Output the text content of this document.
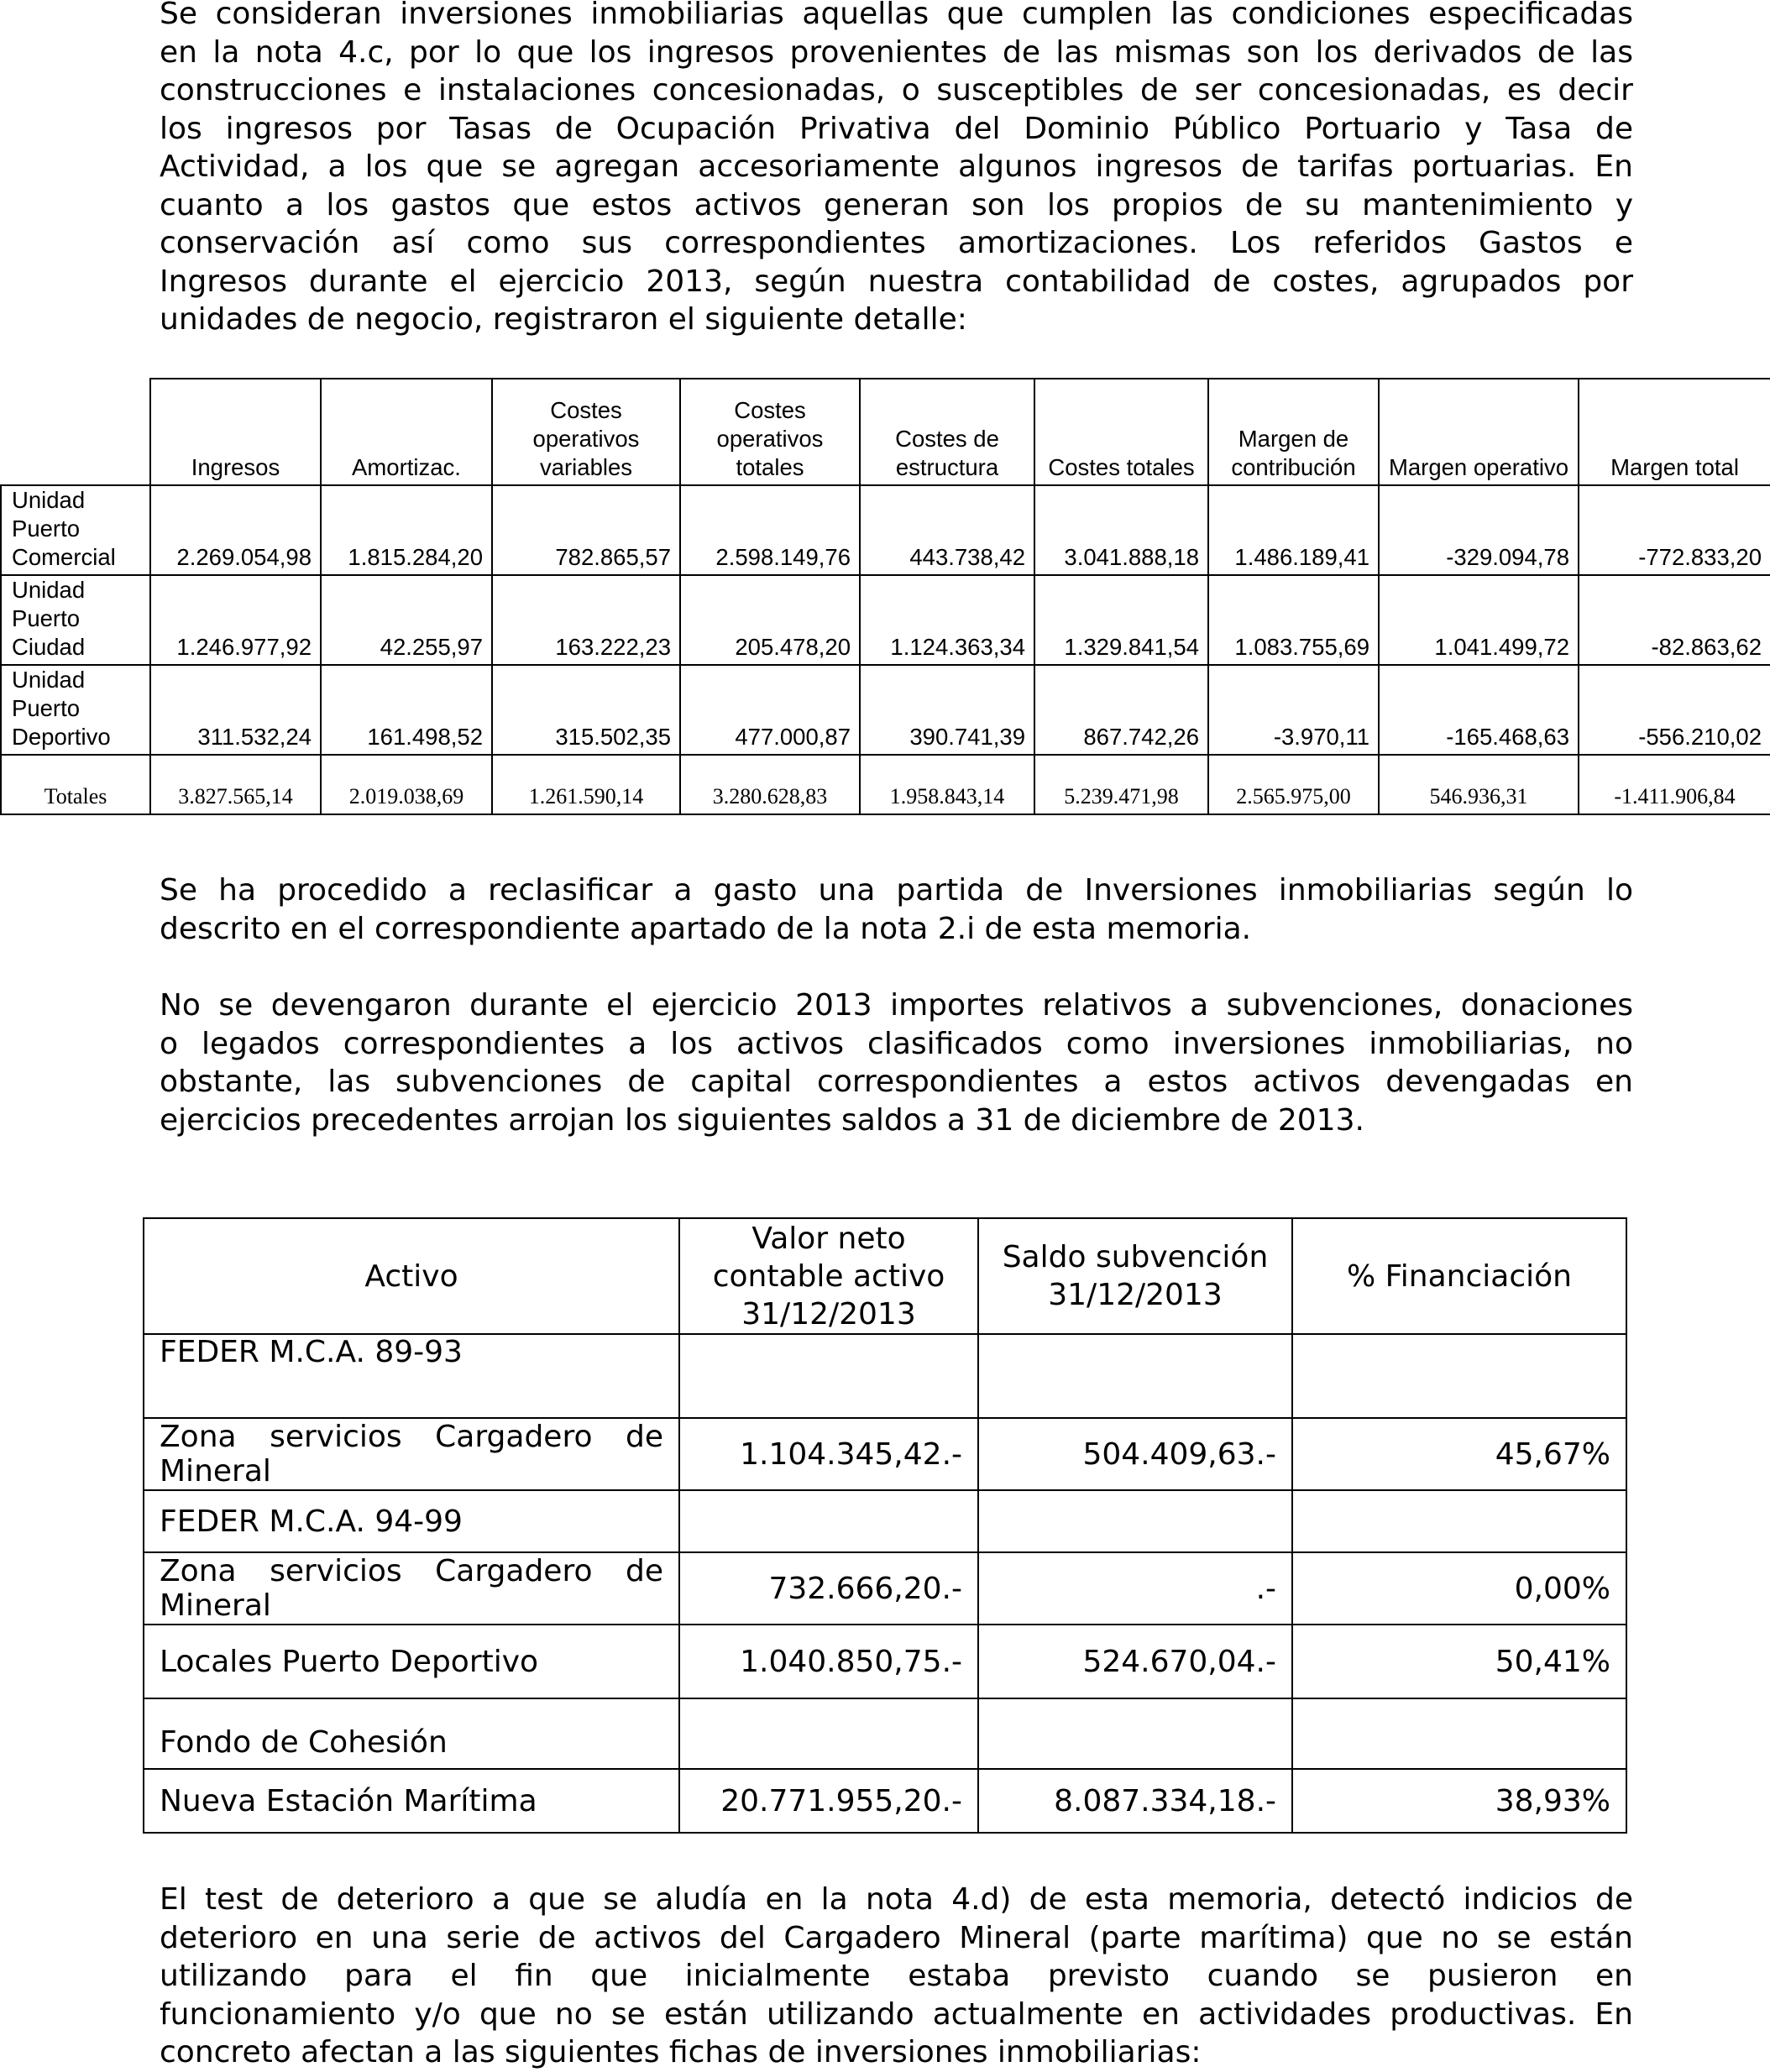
Se consideran inversiones inmobiliarias aquellas que cumplen las condiciones especificadas
en la nota 4.c, por lo que los ingresos provenientes de las mismas son los derivados de las
construcciones e instalaciones concesionadas, o susceptibles de ser concesionadas, es decir
los ingresos por Tasas de Ocupación Privativa del Dominio Público Portuario y Tasa de
Actividad, a los que se agregan accesoriamente algunos ingresos de tarifas portuarias. En
cuanto a los gastos que estos activos generan son los propios de su mantenimiento y
conservación así como sus correspondientes amortizaciones. Los referidos Gastos e
Ingresos durante el ejercicio 2013, según nuestra contabilidad de costes, agrupados por
unidades de negocio, registraron el siguiente detalle:
	Ingresos	Amortizac.	Costes operativos variables	Costes operativos totales	Costes de estructura	Costes totales	Margen de contribución	Margen operativo	Margen total
Unidad Puerto Comercial	2.269.054,98	1.815.284,20	782.865,57	2.598.149,76	443.738,42	3.041.888,18	1.486.189,41	-329.094,78	-772.833,20
Unidad Puerto Ciudad	1.246.977,92	42.255,97	163.222,23	205.478,20	1.124.363,34	1.329.841,54	1.083.755,69	1.041.499,72	-82.863,62
Unidad Puerto Deportivo	311.532,24	161.498,52	315.502,35	477.000,87	390.741,39	867.742,26	-3.970,11	-165.468,63	-556.210,02
Totales	3.827.565,14	2.019.038,69	1.261.590,14	3.280.628,83	1.958.843,14	5.239.471,98	2.565.975,00	546.936,31	-1.411.906,84
Se ha procedido a reclasificar a gasto una partida de Inversiones inmobiliarias según lo
descrito en el correspondiente apartado de la nota 2.i de esta memoria.
No se devengaron durante el ejercicio 2013 importes relativos a subvenciones, donaciones
o legados correspondientes a los activos clasificados como inversiones inmobiliarias, no
obstante, las subvenciones de capital correspondientes a estos activos devengadas en
ejercicios precedentes arrojan los siguientes saldos a 31 de diciembre de 2013.
Activo	Valor neto contable activo 31/12/2013	Saldo subvención 31/12/2013	% Financiación
FEDER M.C.A. 89-93			

Zona servicios Cargadero de
Mineral	1.104.345,42.-	504.409,63.-	45,67%
FEDER M.C.A. 94-99			

Zona servicios Cargadero de
Mineral	732.666,20.-	.-	0,00%
Locales Puerto Deportivo	1.040.850,75.-	524.670,04.-	50,41%
Fondo de Cohesión			
Nueva Estación Marítima	20.771.955,20.-	8.087.334,18.-	38,93%
El test de deterioro a que se aludía en la nota 4.d) de esta memoria, detectó indicios de
deterioro en una serie de activos del Cargadero Mineral (parte marítima) que no se están
utilizando para el fin que inicialmente estaba previsto cuando se pusieron en
funcionamiento y/o que no se están utilizando actualmente en actividades productivas. En
concreto afectan a las siguientes fichas de inversiones inmobiliarias:
